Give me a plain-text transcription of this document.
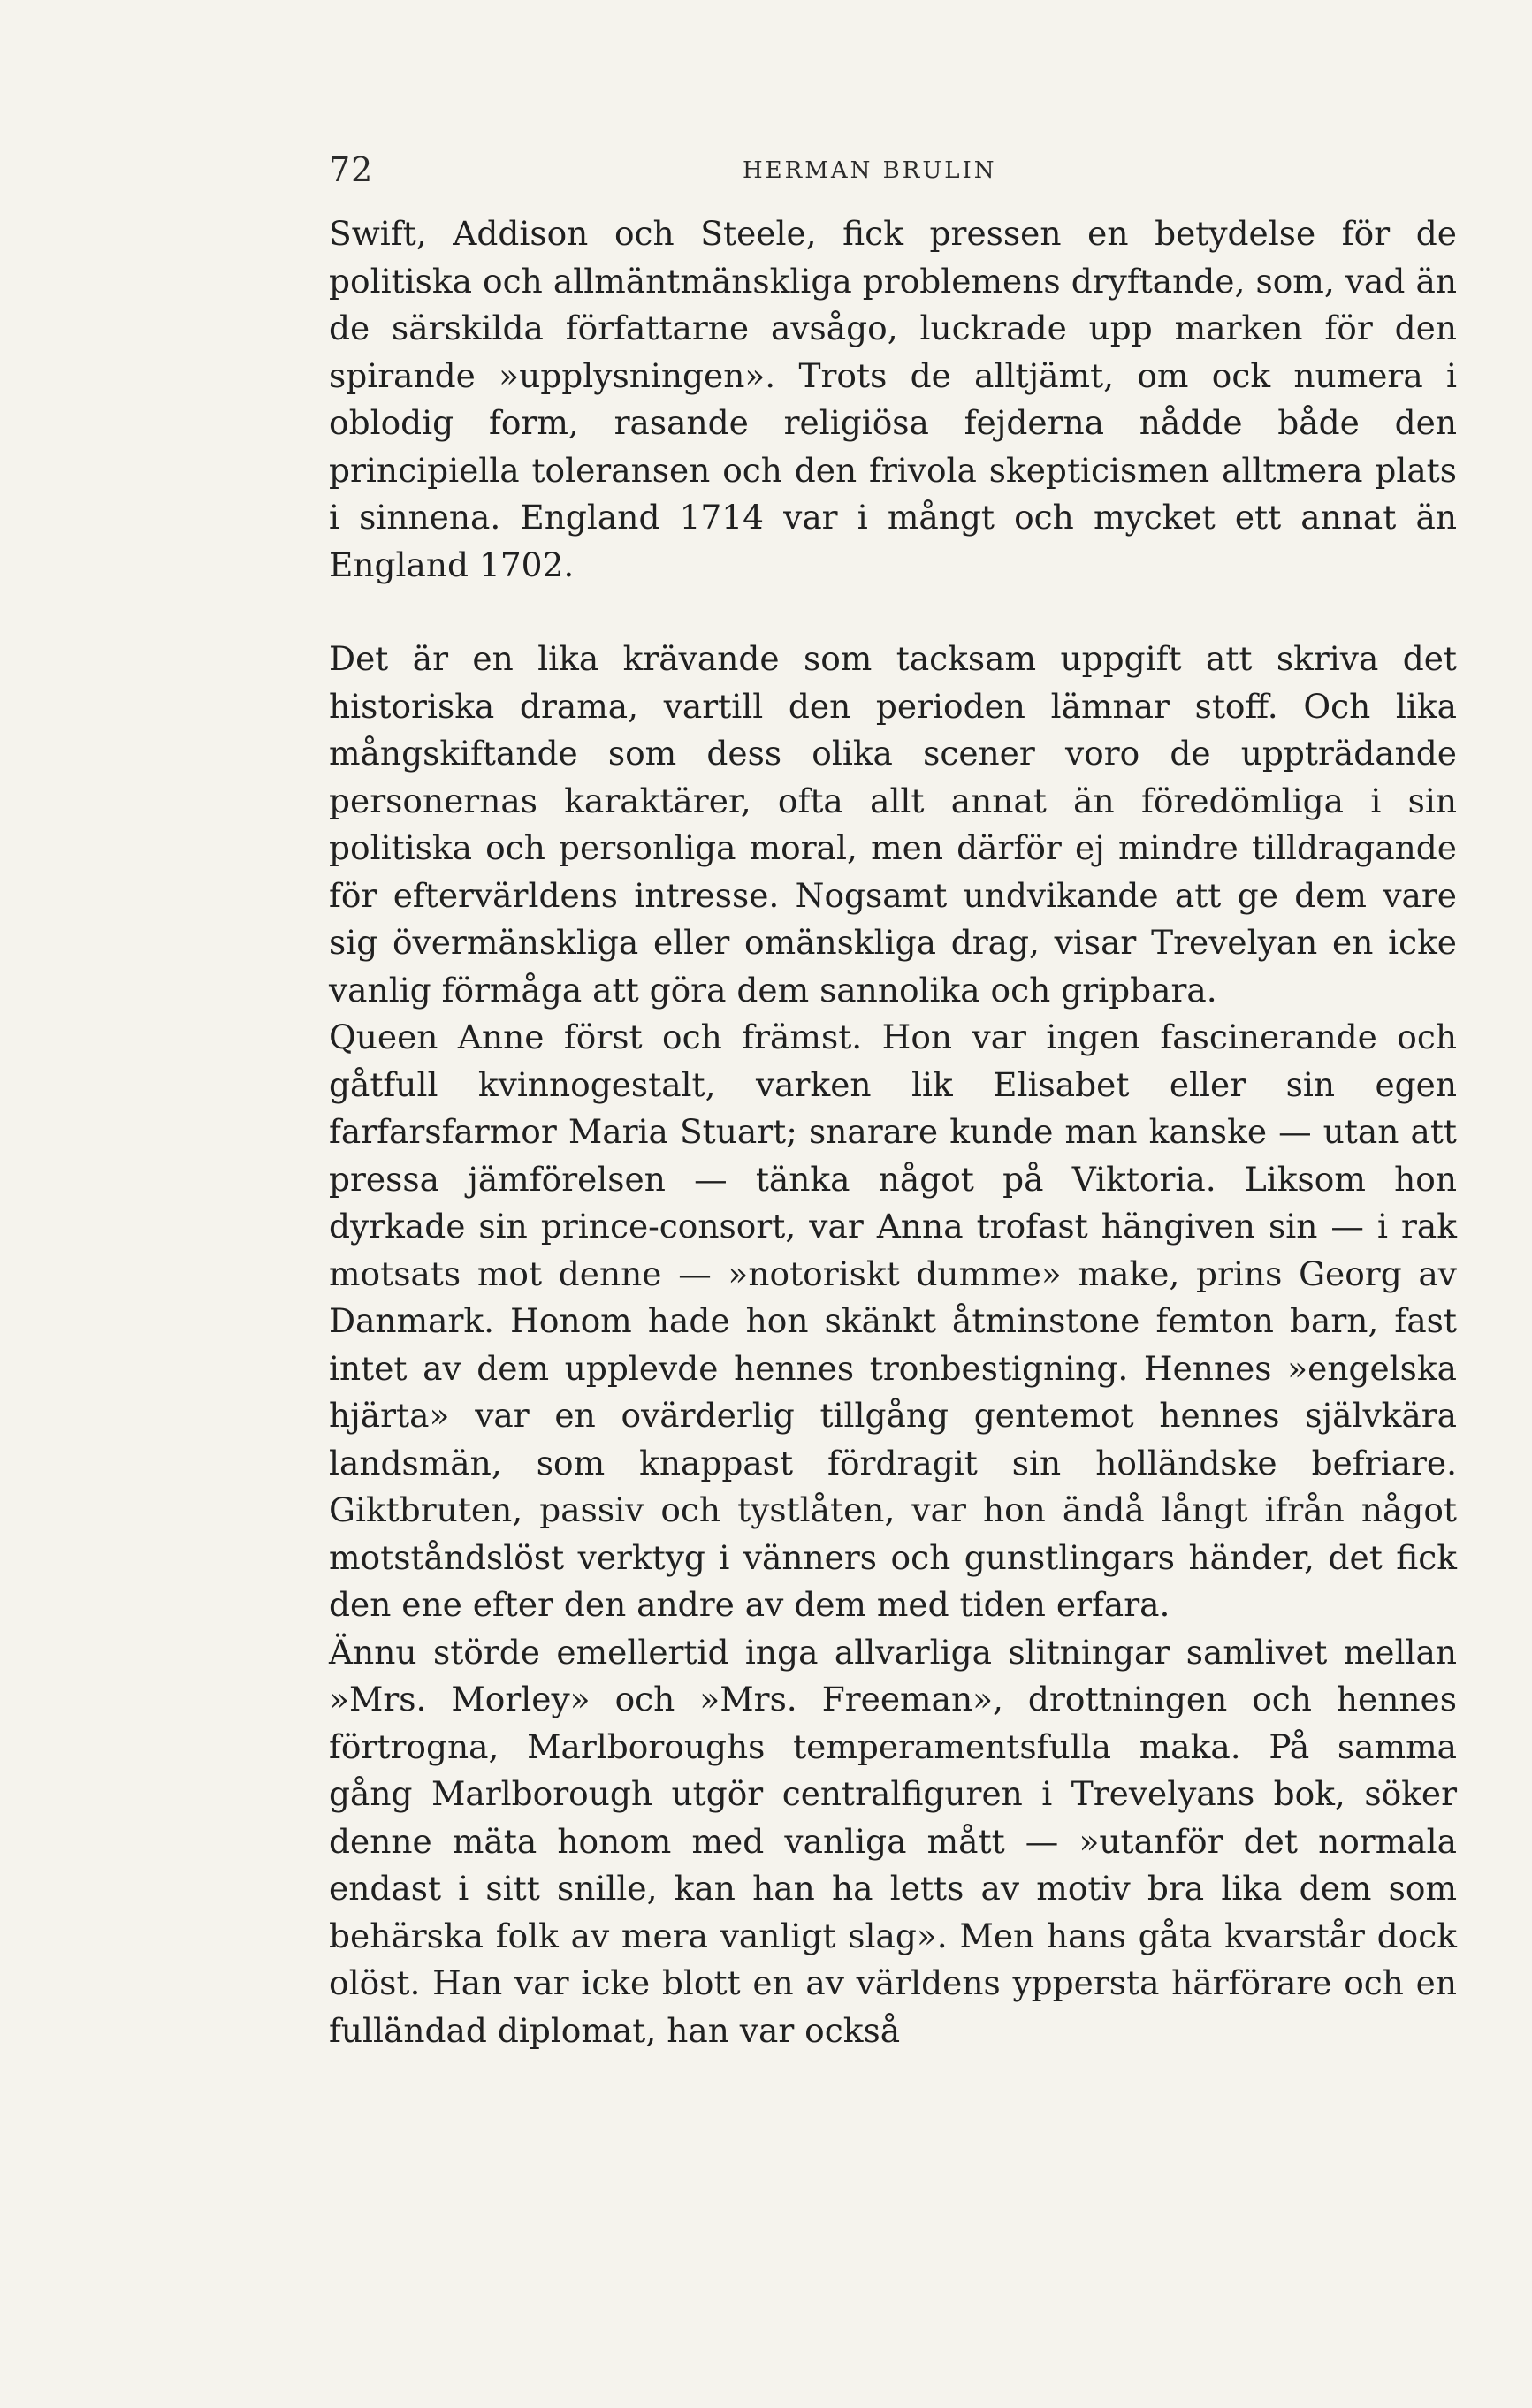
72	HERMAN BRULIN

Swift, Addison och Steele, fick pressen en betydelse för de politiska och allmäntmänskliga problemens dryftande, som, vad än de särskilda författarne avsågo, luckrade upp marken för den spirande »upplysningen». Trots de alltjämt, om ock numera i oblodig form, rasande religiösa fejderna nådde både den principiella toleransen och den frivola skepticismen alltmera plats i sinnena. England 1714 var i mångt och mycket ett annat än England 1702.

Det är en lika krävande som tacksam uppgift att skriva det historiska drama, vartill den perioden lämnar stoff. Och lika mångskiftande som dess olika scener voro de uppträdande personernas karaktärer, ofta allt annat än föredömliga i sin politiska och personliga moral, men därför ej mindre tilldragande för eftervärldens intresse. Nogsamt undvikande att ge dem vare sig övermänskliga eller omänskliga drag, visar Trevelyan en icke vanlig förmåga att göra dem sannolika och gripbara.

Queen Anne först och främst. Hon var ingen fascinerande och gåtfull kvinnogestalt, varken lik Elisabet eller sin egen farfarsfarmor Maria Stuart; snarare kunde man kanske — utan att pressa jämförelsen — tänka något på Viktoria. Liksom hon dyrkade sin prince-consort, var Anna trofast hängiven sin — i rak motsats mot denne — »notoriskt dumme» make, prins Georg av Danmark. Honom hade hon skänkt åtminstone femton barn, fast intet av dem upplevde hennes tronbestigning. Hennes »engelska hjärta» var en ovärderlig tillgång gentemot hennes självkära landsmän, som knappast fördragit sin holländske befriare. Giktbruten, passiv och tystlåten, var hon ändå långt ifrån något motståndslöst verktyg i vänners och gunstlingars händer, det fick den ene efter den andre av dem med tiden erfara.

Ännu störde emellertid inga allvarliga slitningar samlivet mellan »Mrs. Morley» och »Mrs. Freeman», drottningen och hennes förtrogna, Marlboroughs temperamentsfulla maka. På samma gång Marlborough utgör centralfiguren i Trevelyans bok, söker denne mäta honom med vanliga mått — »utanför det normala endast i sitt snille, kan han ha letts av motiv bra lika dem som behärska folk av mera vanligt slag». Men hans gåta kvarstår dock olöst. Han var icke blott en av världens yppersta härförare och en fulländad diplomat, han var också
